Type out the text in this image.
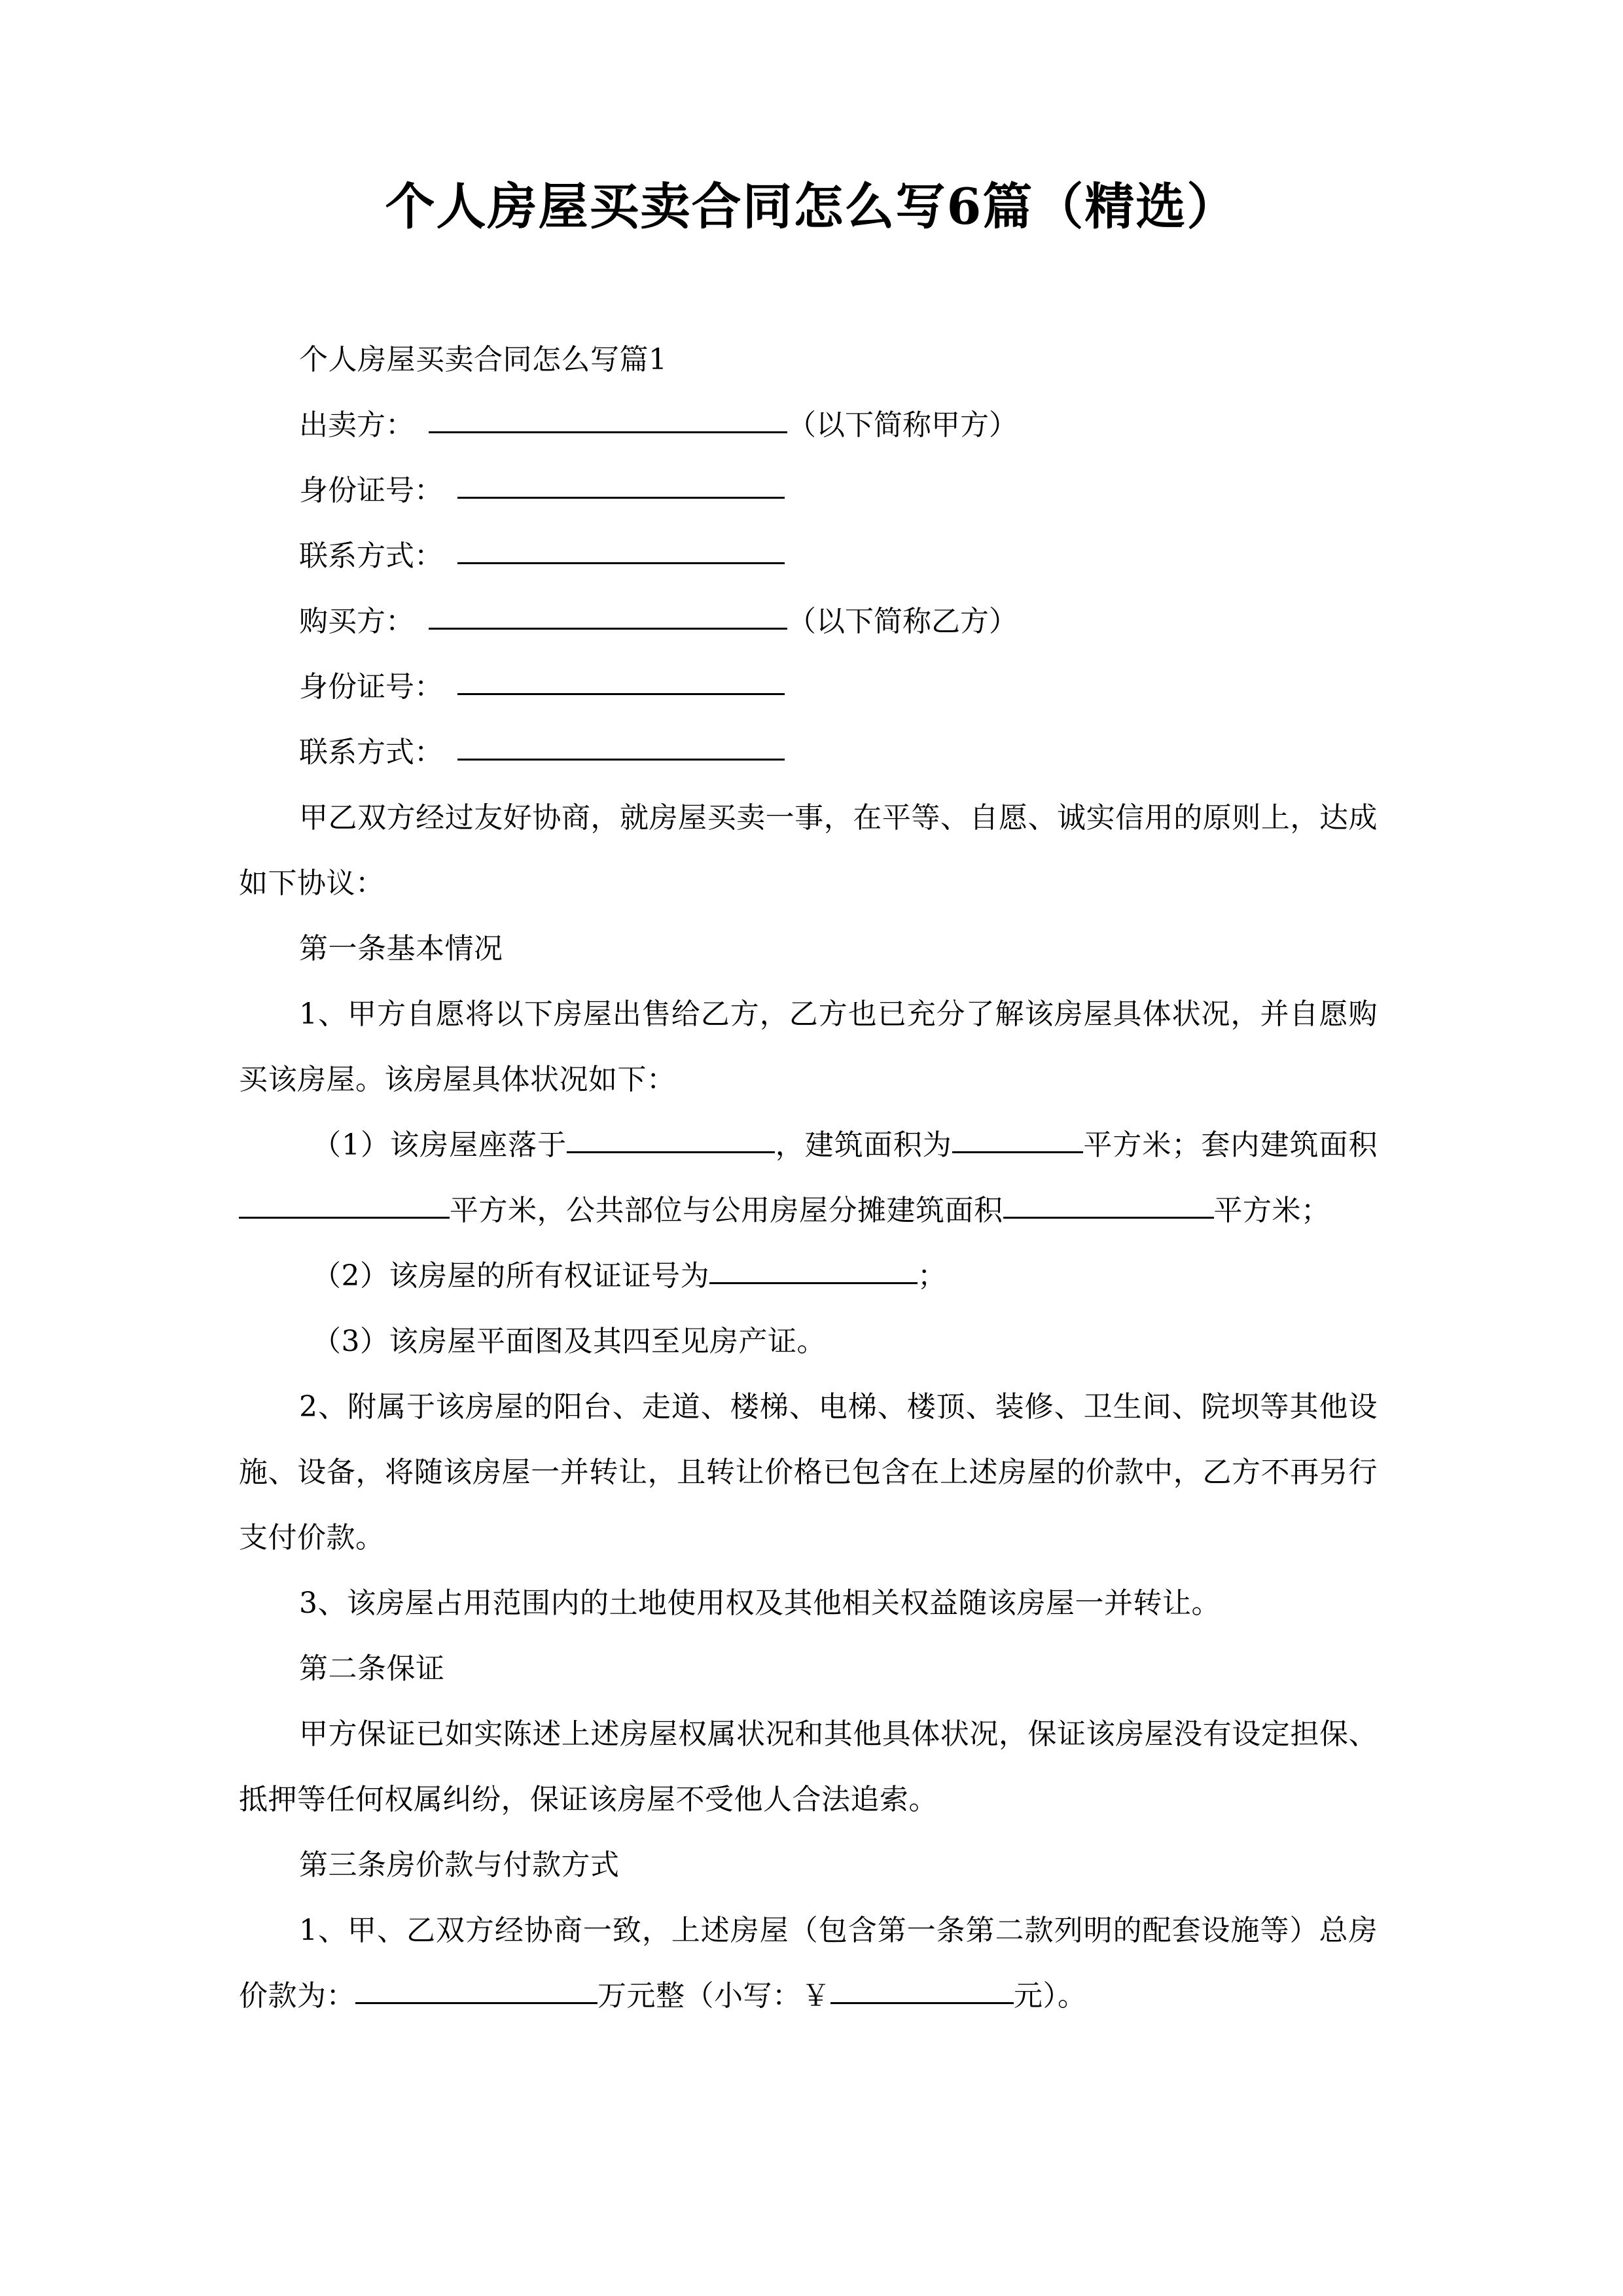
个人房屋买卖合同怎么写6篇（精选）

个人房屋买卖合同怎么写篇1

出卖方：	（以下简称甲方）

身份证号：

联系方式：

购买方：	（以下简称乙方）

身份证号：

联系方式：

甲乙双方经过友好协商，就房屋买卖一事，在平等、自愿、诚实信用的原则上，达成如下协议：

第一条基本情况

1、甲方自愿将以下房屋出售给乙方，乙方也已充分了解该房屋具体状况，并自愿购买该房屋。该房屋具体状况如下：

（1）该房屋座落于	，建筑面积为	平方米；套内建筑面积平方米，公共部位与公用房屋分摊建筑面积	平方米；

（2）该房屋的所有权证证号为	；

（3）该房屋平面图及其四至见房产证。

2、附属于该房屋的阳台、走道、楼梯、电梯、楼顶、装修、卫生间、院坝等其他设施、设备，将随该房屋一并转让，且转让价格已包含在上述房屋的价款中，乙方不再另行支付价款。

3、该房屋占用范围内的土地使用权及其他相关权益随该房屋一并转让。

第二条保证

甲方保证已如实陈述上述房屋权属状况和其他具体状况，保证该房屋没有设定担保、抵押等任何权属纠纷，保证该房屋不受他人合法追索。

第三条房价款与付款方式

1、甲、乙双方经协商一致，上述房屋（包含第一条第二款列明的配套设施等）总房价款为：	万元整（小写：￥	元）。
